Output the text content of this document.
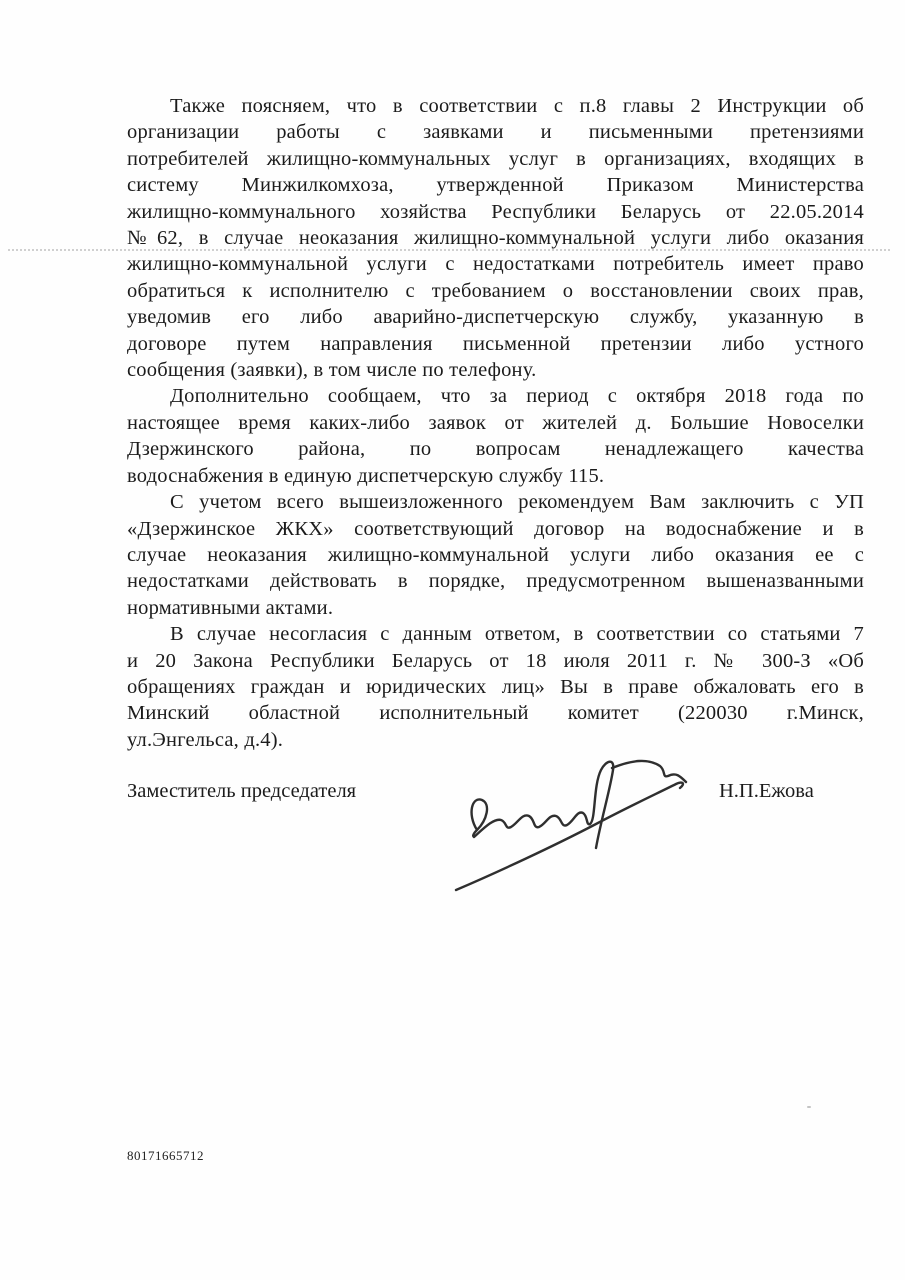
Также поясняем, что в соответствии с п.8 главы 2 Инструкции об
организации работы с заявками и письменными претензиями
потребителей жилищно-коммунальных услуг в организациях, входящих в
систему Минжилкомхоза, утвержденной Приказом Министерства
жилищно-коммунального хозяйства Республики Беларусь от 22.05.2014
№62, в случае неоказания жилищно-коммунальной услуги либо оказания
жилищно-коммунальной услуги с недостатками потребитель имеет право
обратиться к исполнителю с требованием о восстановлении своих прав,
уведомив его либо аварийно-диспетчерскую службу, указанную в
договоре путем направления письменной претензии либо устного
сообщения (заявки), в том числе по телефону.
Дополнительно сообщаем, что за период с октября 2018 года по
настоящее время каких-либо заявок от жителей д. Большие Новоселки
Дзержинского района, по вопросам ненадлежащего качества
водоснабжения в единую диспетчерскую службу 115.
С учетом всего вышеизложенного рекомендуем Вам заключить с УП
«Дзержинское ЖКХ» соответствующий договор на водоснабжение и в
случае неоказания жилищно-коммунальной услуги либо оказания ее с
недостатками действовать в порядке, предусмотренном вышеназванными
нормативными актами.
В случае несогласия с данным ответом, в соответствии со статьями 7
и 20 Закона Республики Беларусь от 18 июля 2011 г. № 300-З «Об
обращениях граждан и юридических лиц» Вы в праве обжаловать его в
Минский областной исполнительный комитет (220030 г.Минск,
ул.Энгельса, д.4).
Заместитель председателя	Н.П.Ежова
80171665712
